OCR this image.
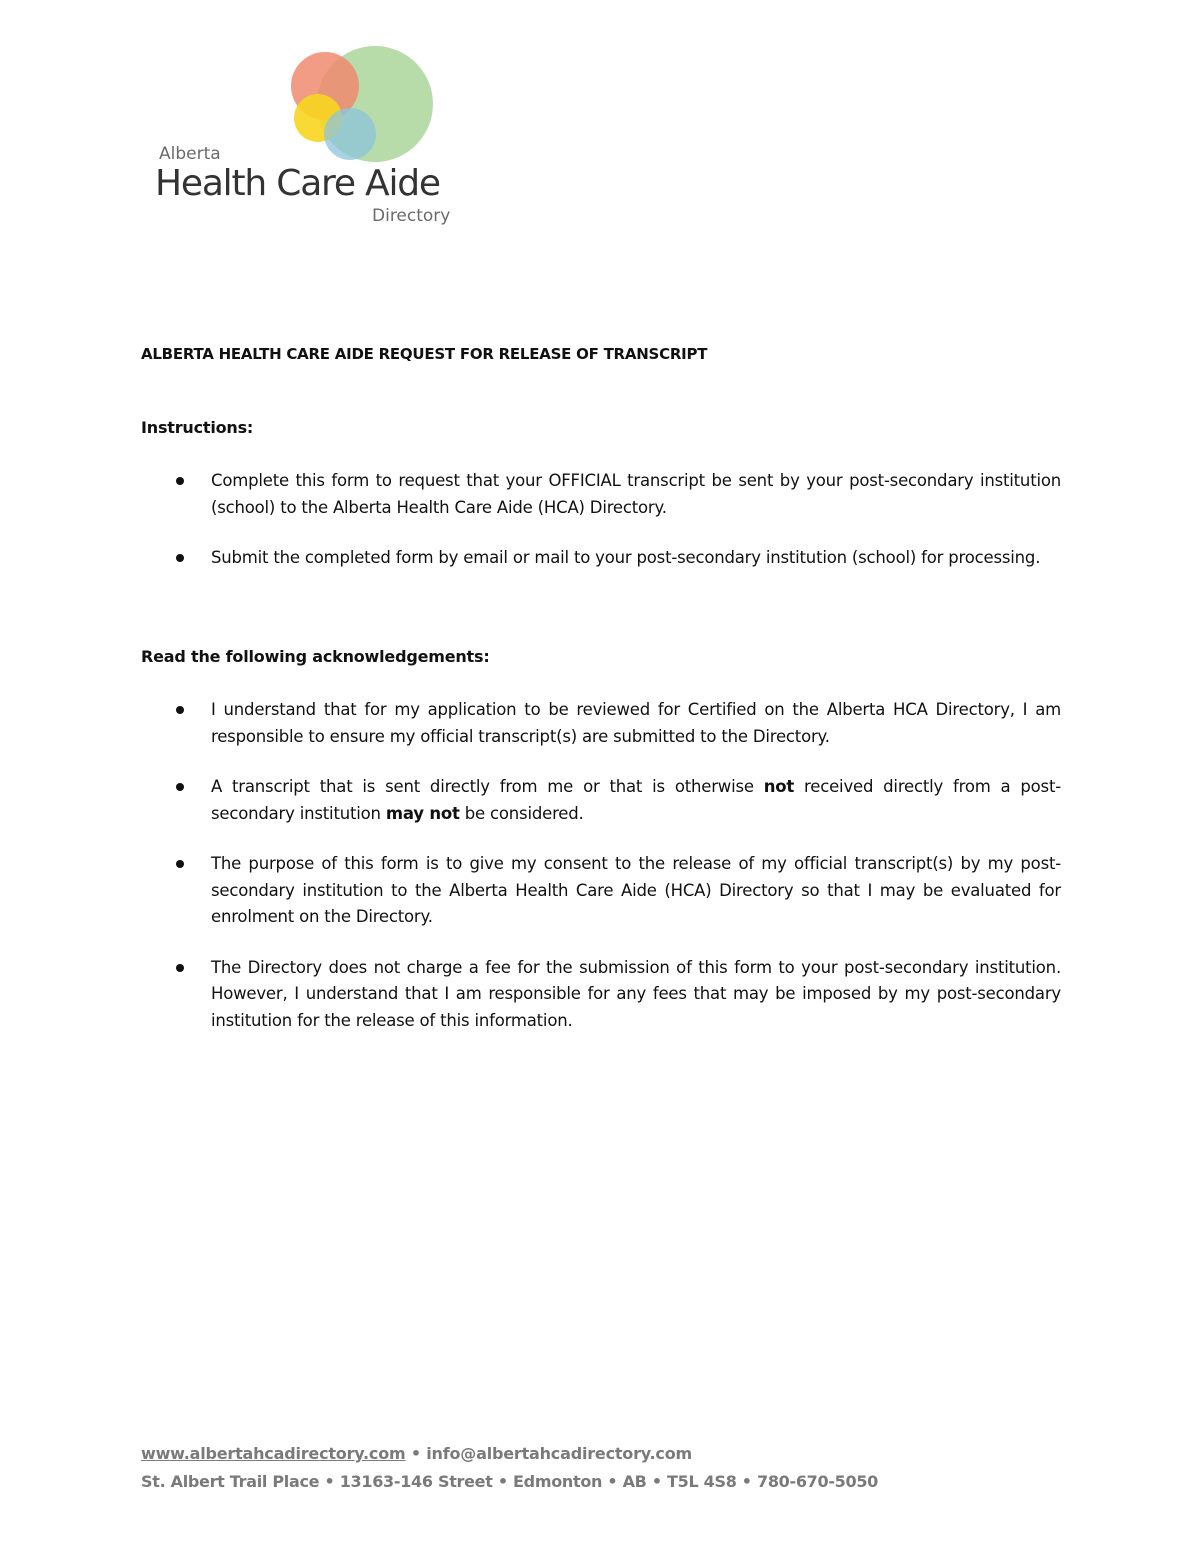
Alberta
Health Care Aide
Directory
ALBERTA HEALTH CARE AIDE REQUEST FOR RELEASE OF TRANSCRIPT
Instructions:
Complete this form to request that your OFFICIAL transcript be sent by your post-secondary institution (school) to the Alberta Health Care Aide (HCA) Directory.
Submit the completed form by email or mail to your post-secondary institution (school) for processing.
Read the following acknowledgements:
I understand that for my application to be reviewed for Certified on the Alberta HCA Directory, I am responsible to ensure my official transcript(s) are submitted to the Directory.
A transcript that is sent directly from me or that is otherwise not received directly from a post-secondary institution may not be considered.
The purpose of this form is to give my consent to the release of my official transcript(s) by my post-secondary institution to the Alberta Health Care Aide (HCA) Directory so that I may be evaluated for enrolment on the Directory.
The Directory does not charge a fee for the submission of this form to your post-secondary institution. However, I understand that I am responsible for any fees that may be imposed by my post-secondary institution for the release of this information.
www.albertahcadirectory.com • info@albertahcadirectory.com
St. Albert Trail Place • 13163-146 Street • Edmonton • AB • T5L 4S8 • 780-670-5050
